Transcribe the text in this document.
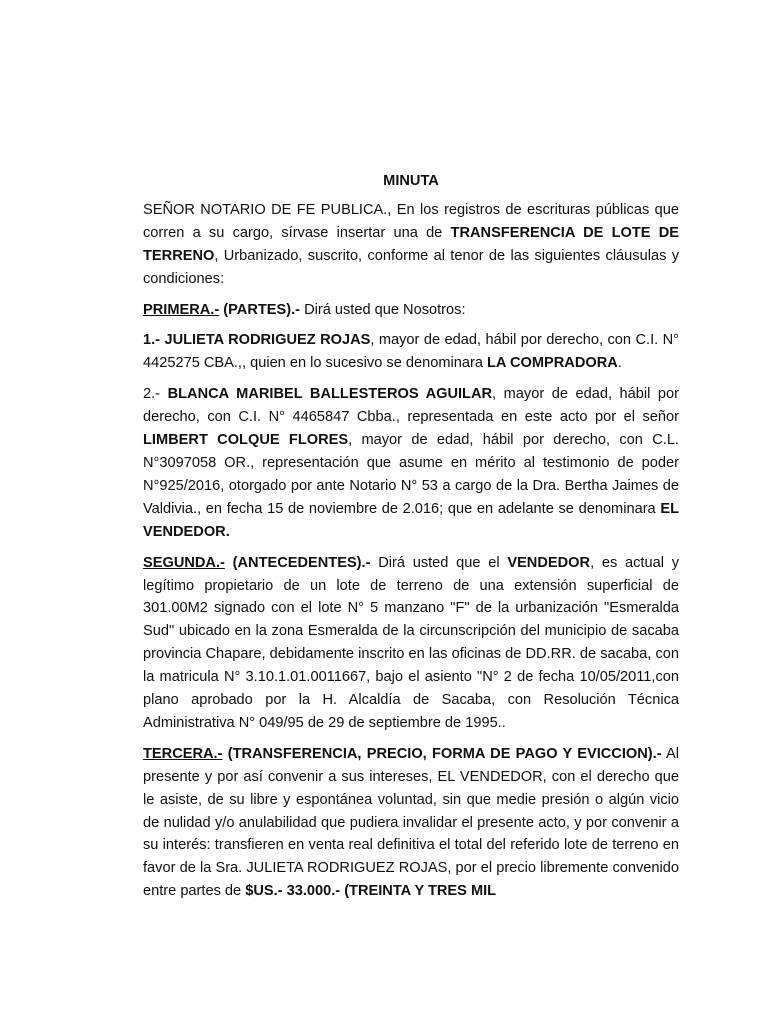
MINUTA

SEÑOR NOTARIO DE FE PUBLICA., En los registros de escrituras públicas que corren a su cargo, sírvase insertar una de TRANSFERENCIA DE LOTE DE TERRENO, Urbanizado, suscrito, conforme al tenor de las siguientes cláusulas y condiciones:

PRIMERA.- (PARTES).- Dirá usted que Nosotros:

1.- JULIETA RODRIGUEZ ROJAS, mayor de edad, hábil por derecho, con C.I. N° 4425275 CBA.,, quien en lo sucesivo se denominara LA COMPRADORA.

2.- BLANCA MARIBEL BALLESTEROS AGUILAR, mayor de edad, hábil por derecho, con C.I. N° 4465847 Cbba., representada en este acto por el señor LIMBERT COLQUE FLORES, mayor de edad, hábil por derecho, con C.L. N°3097058 OR., representación que asume en mérito al testimonio de poder N°925/2016, otorgado por ante Notario N° 53 a cargo de la Dra. Bertha Jaimes de Valdivia., en fecha 15 de noviembre de 2.016; que en adelante se denominara EL VENDEDOR.

SEGUNDA.- (ANTECEDENTES).- Dirá usted que el VENDEDOR, es actual y legítimo propietario de un lote de terreno de una extensión superficial de 301.00M2 signado con el lote N° 5 manzano "F" de la urbanización "Esmeralda Sud" ubicado en la zona Esmeralda de la circunscripción del municipio de sacaba provincia Chapare, debidamente inscrito en las oficinas de DD.RR. de sacaba, con la matricula N° 3.10.1.01.0011667, bajo el asiento "N° 2 de fecha 10/05/2011,con plano aprobado por la H. Alcaldía de Sacaba, con Resolución Técnica Administrativa N° 049/95 de 29 de septiembre de 1995..

TERCERA.- (TRANSFERENCIA, PRECIO, FORMA DE PAGO Y EVICCION).- Al presente y por así convenir a sus intereses, EL VENDEDOR, con el derecho que le asiste, de su libre y espontánea voluntad, sin que medie presión o algún vicio de nulidad y/o anulabilidad que pudiera invalidar el presente acto, y por convenir a su interés: transfieren en venta real definitiva el total del referido lote de terreno en favor de la Sra. JULIETA RODRIGUEZ ROJAS, por el precio libremente convenido entre partes de $US.- 33.000.- (TREINTA Y TRES MIL
